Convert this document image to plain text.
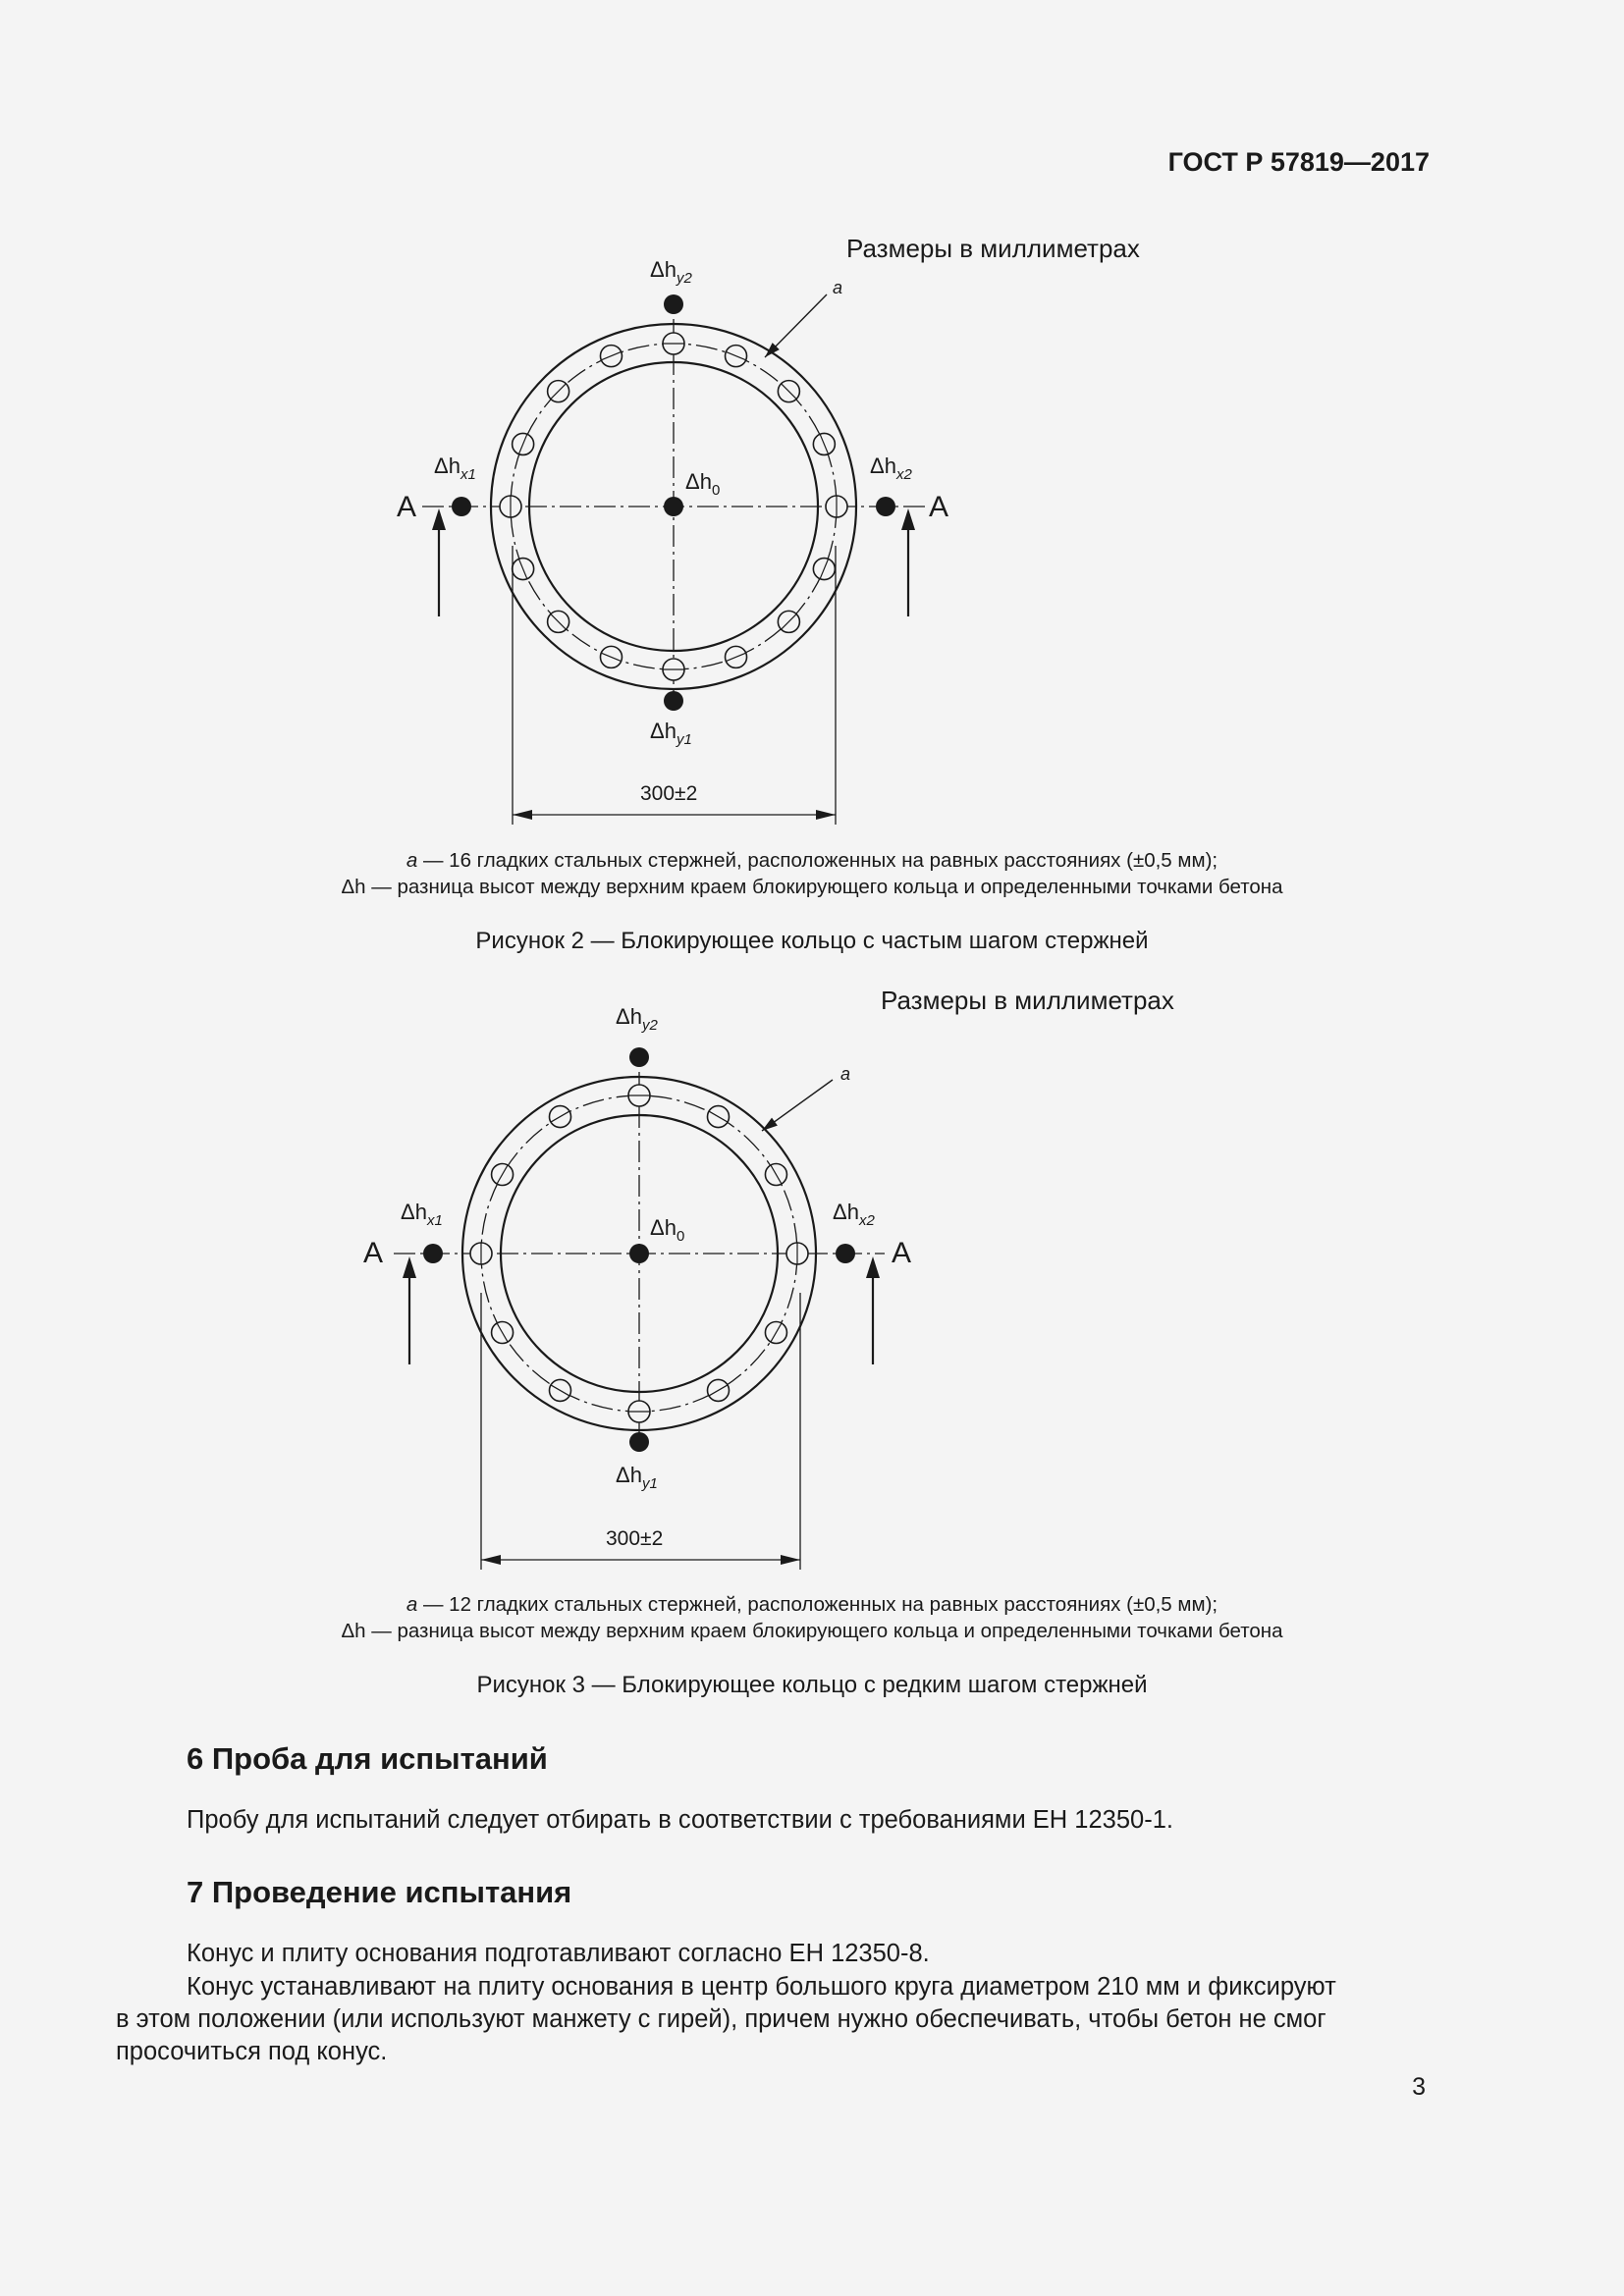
ГОСТ Р 57819—2017
Размеры в миллиметрах
a
$\Delta h_{y2}$
$\Delta h_{x1}$	$\Delta h_{x2}$
$\Delta h_0$
$\Delta h_{y1}$
A	A
300±2
a — 16 гладких стальных стержней, расположенных на равных расстояниях (±0,5 мм);
Δh — разница высот между верхним краем блокирующего кольца и определенными точками бетона
Рисунок 2 — Блокирующее кольцо с частым шагом стержней
Размеры в миллиметрах
a
$\Delta h_{y2}$
$\Delta h_{x1}$	$\Delta h_{x2}$
$\Delta h_0$
$\Delta h_{y1}$
A	A
300±2
a — 12 гладких стальных стержней, расположенных на равных расстояниях (±0,5 мм);
Δh — разница высот между верхним краем блокирующего кольца и определенными точками бетона
Рисунок 3 — Блокирующее кольцо с редким шагом стержней
6 Проба для испытаний
Пробу для испытаний следует отбирать в соответствии с требованиями ЕН 12350-1.
7 Проведение испытания
Конус и плиту основания подготавливают согласно ЕН 12350-8.
Конус устанавливают на плиту основания в центр большого круга диаметром 210 мм и фиксируют
в этом положении (или используют манжету с гирей), причем нужно обеспечивать, чтобы бетон не смог
просочиться под конус.
3
